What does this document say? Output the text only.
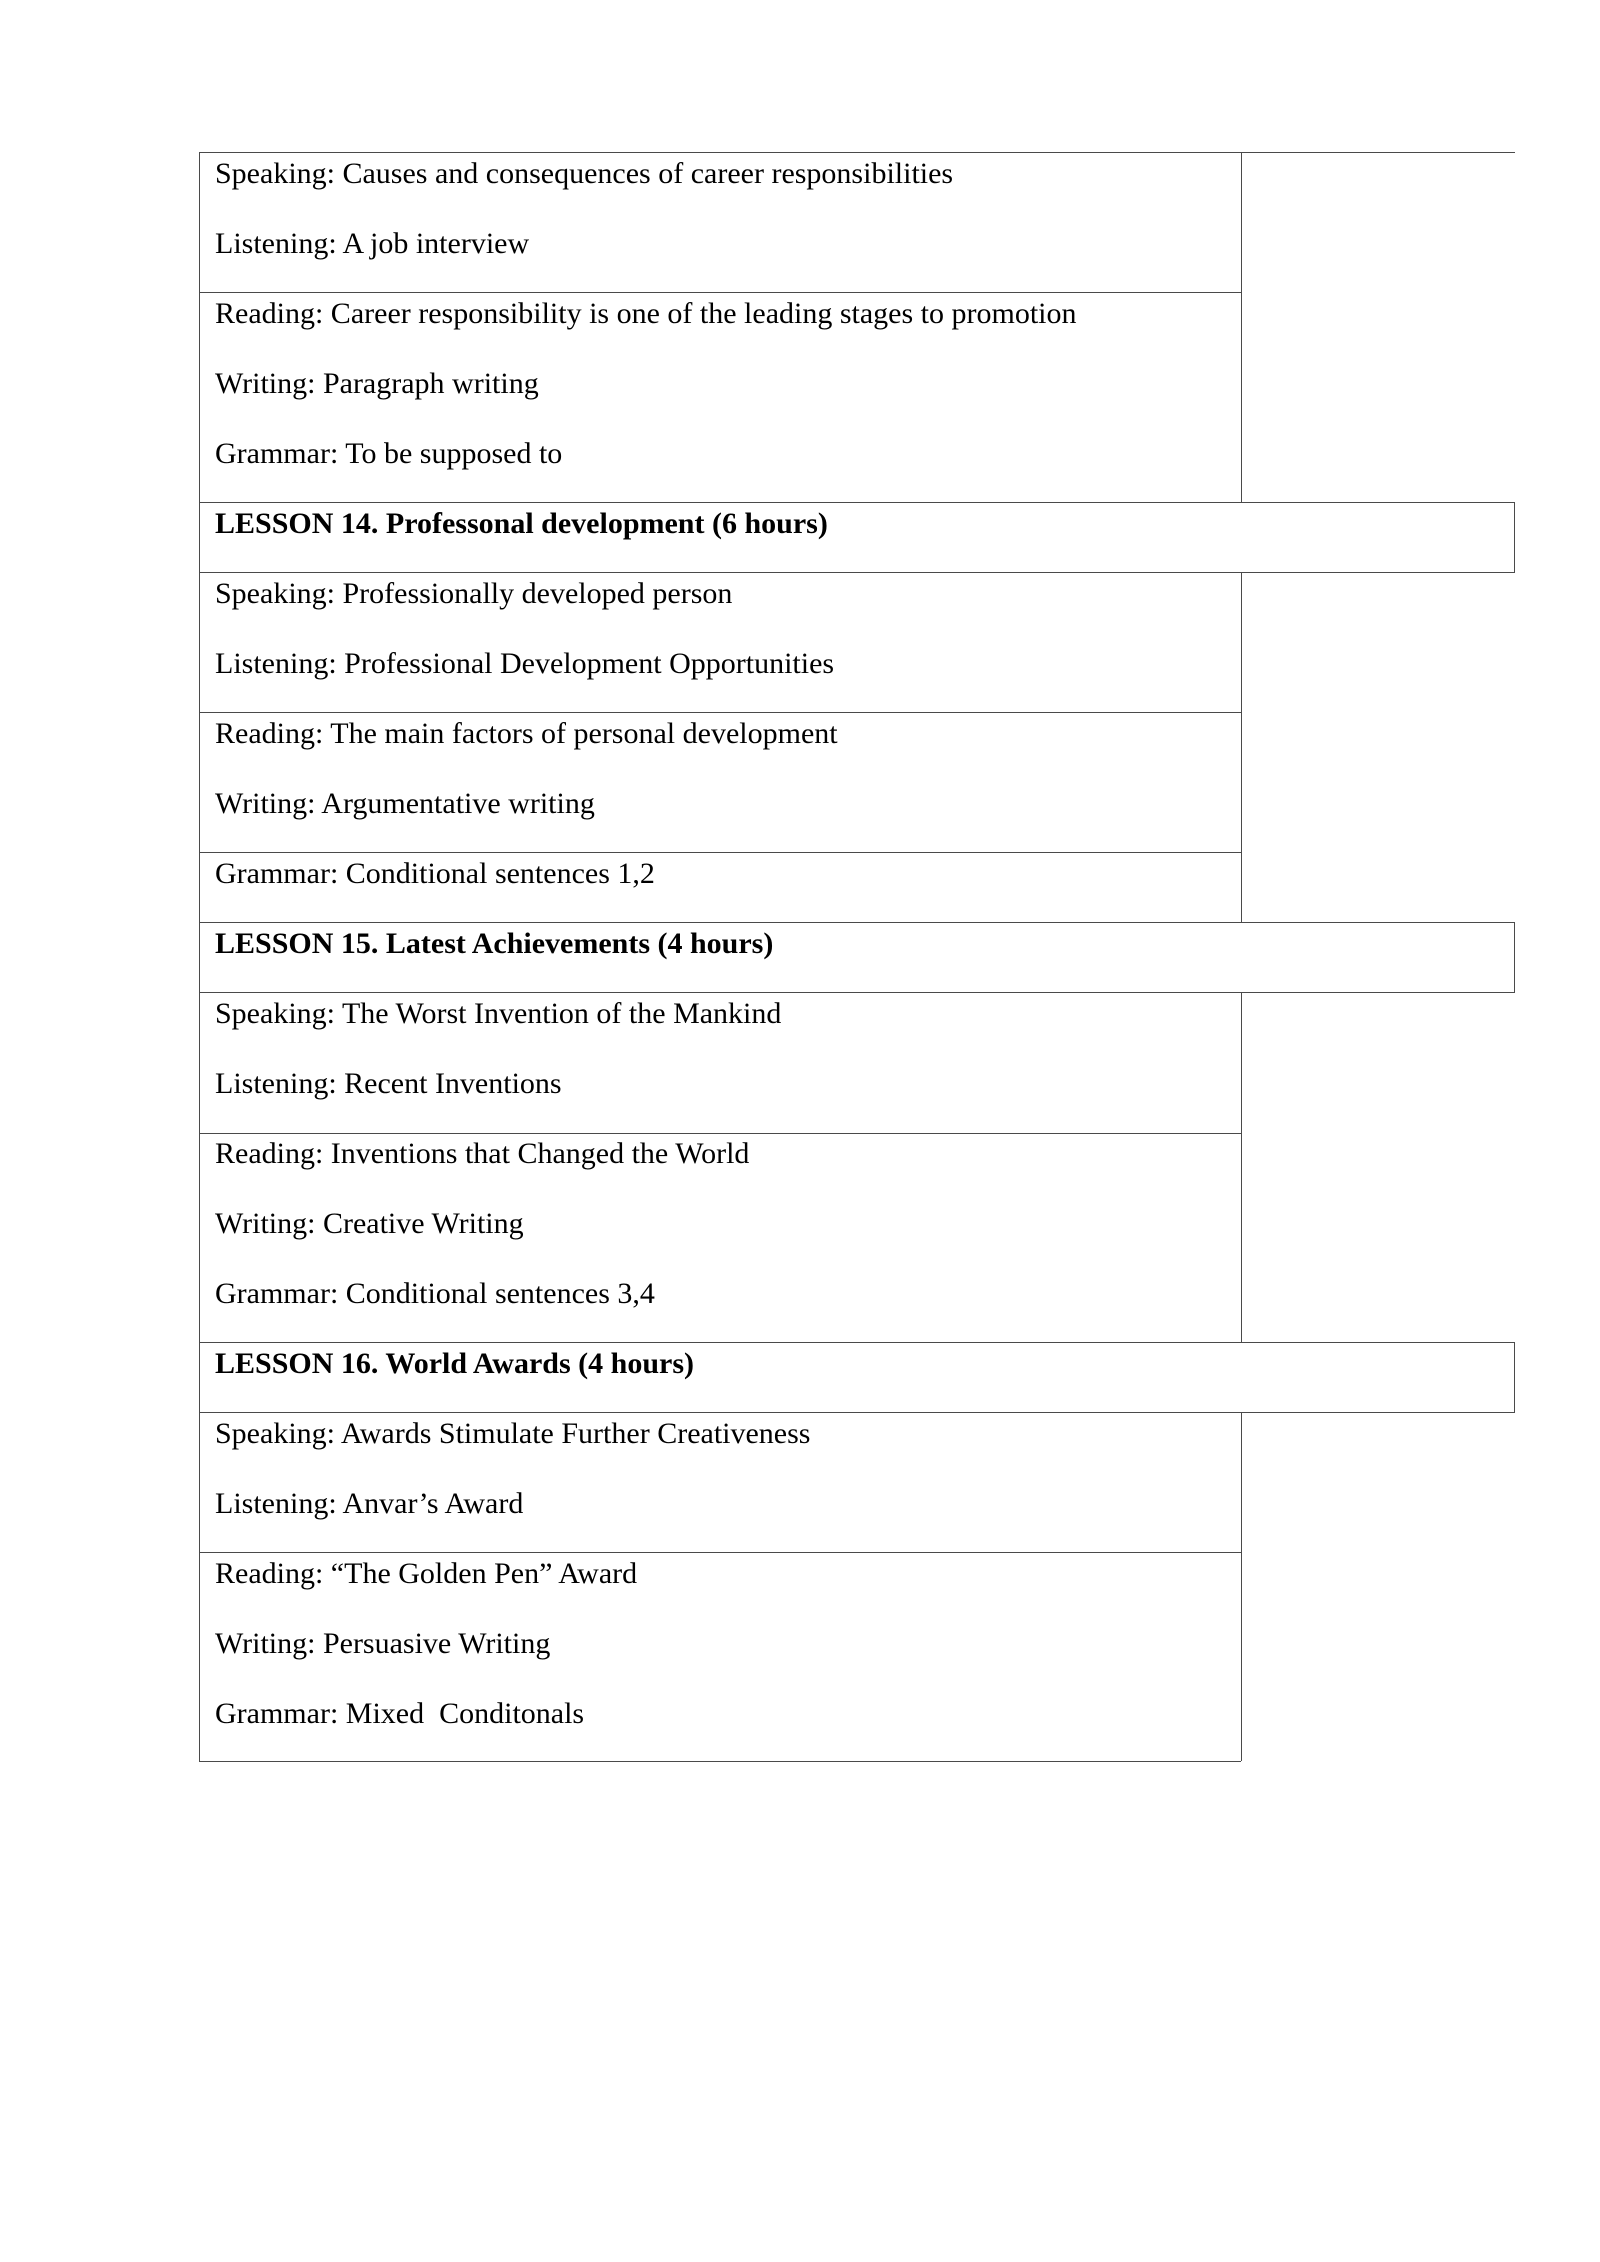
Speaking: Causes and consequences of career responsibilities
Listening: A job interview
Reading: Career responsibility is one of the leading stages to promotion
Writing: Paragraph writing
Grammar: To be supposed to
LESSON 14. Professonal development (6 hours)
Speaking: Professionally developed person
Listening: Professional Development Opportunities
Reading: The main factors of personal development
Writing: Argumentative writing
Grammar: Conditional sentences 1,2
LESSON 15. Latest Achievements (4 hours)
Speaking: The Worst Invention of the Mankind
Listening: Recent Inventions
Reading: Inventions that Changed the World
Writing: Creative Writing
Grammar: Conditional sentences 3,4
LESSON 16. World Awards (4 hours)
Speaking: Awards Stimulate Further Creativeness
Listening: Anvar’s Award
Reading: “The Golden Pen” Award
Writing: Persuasive Writing
Grammar: Mixed  Conditonals
